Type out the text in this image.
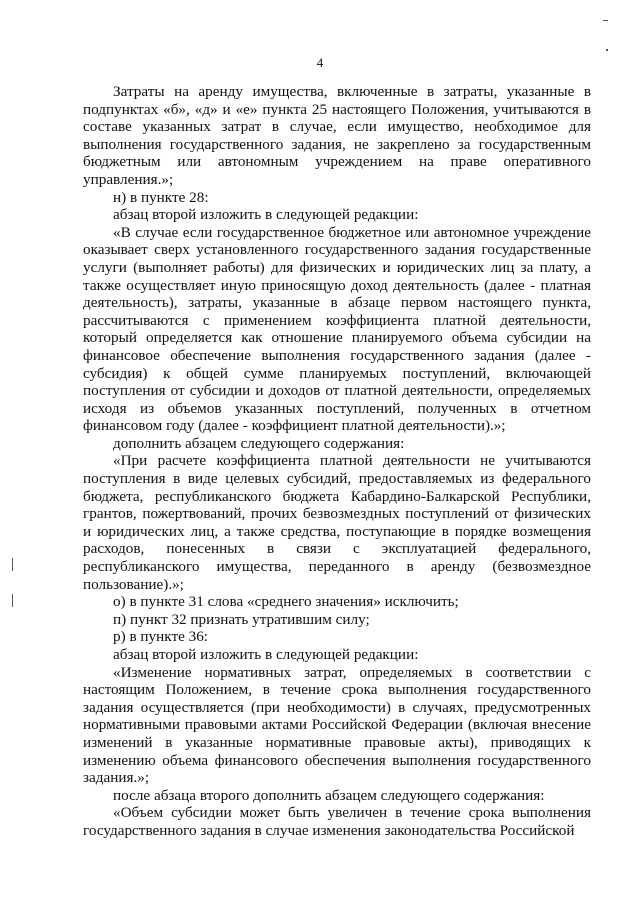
4

Затраты на аренду имущества, включенные в затраты, указанные в подпунктах «б», «д» и «е» пункта 25 настоящего Положения, учитываются в составе указанных затрат в случае, если имущество, необходимое для выполнения государственного задания, не закреплено за государственным бюджетным или автономным учреждением на праве оперативного управления.»;

н) в пункте 28:

абзац второй изложить в следующей редакции:

«В случае если государственное бюджетное или автономное учреждение оказывает сверх установленного государственного задания государственные услуги (выполняет работы) для физических и юридических лиц за плату, а также осуществляет иную приносящую доход деятельность (далее - платная деятельность), затраты, указанные в абзаце первом настоящего пункта, рассчитываются с применением коэффициента платной деятельности, который определяется как отношение планируемого объема субсидии на финансовое обеспечение выполнения государственного задания (далее - субсидия) к общей сумме планируемых поступлений, включающей поступления от субсидии и доходов от платной деятельности, определяемых исходя из объемов указанных поступлений, полученных в отчетном финансовом году (далее - коэффициент платной деятельности).»;

дополнить абзацем следующего содержания:

«При расчете коэффициента платной деятельности не учитываются поступления в виде целевых субсидий, предоставляемых из федерального бюджета, республиканского бюджета Кабардино-Балкарской Республики, грантов, пожертвований, прочих безвозмездных поступлений от физических и юридических лиц, а также средства, поступающие в порядке возмещения расходов, понесенных в связи с эксплуатацией федерального, республиканского имущества, переданного в аренду (безвозмездное пользование).»;

о) в пункте 31 слова «среднего значения» исключить;

п) пункт 32 признать утратившим силу;

р) в пункте 36:

абзац второй изложить в следующей редакции:

«Изменение нормативных затрат, определяемых в соответствии с настоящим Положением, в течение срока выполнения государственного задания осуществляется (при необходимости) в случаях, предусмотренных нормативными правовыми актами Российской Федерации (включая внесение изменений в указанные нормативные правовые акты), приводящих к изменению объема финансового обеспечения выполнения государственного задания.»;

после абзаца второго дополнить абзацем следующего содержания:

«Объем субсидии может быть увеличен в течение срока выполнения государственного задания в случае изменения законодательства Российской
